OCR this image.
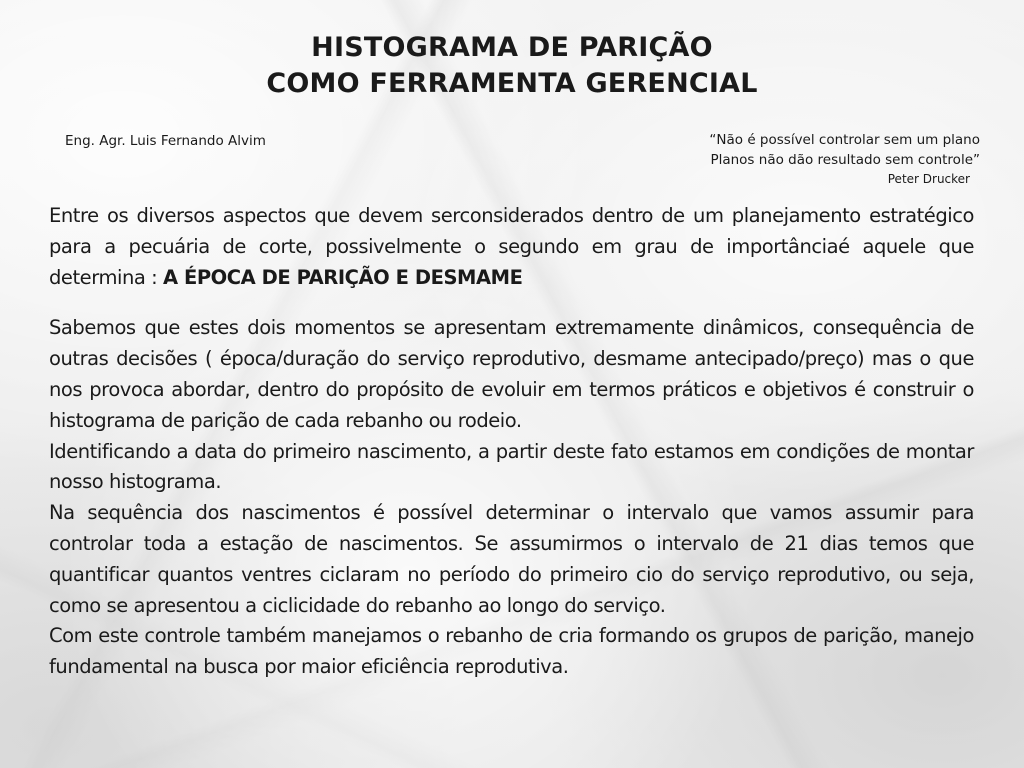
HISTOGRAMA DE PARIÇÃO
COMO FERRAMENTA GERENCIAL
Eng. Agr. Luis Fernando Alvim	“Não é possível controlar sem um plano
Planos não dão resultado sem controle”
Peter Drucker

Entre os diversos aspectos que devem serconsiderados dentro de um planejamento estratégico para a pecuária de corte, possivelmente o segundo em grau de importânciaé aquele que determina : A ÉPOCA DE PARIÇÃO E DESMAME

Sabemos que estes dois momentos se apresentam extremamente dinâmicos, consequência de outras decisões ( época/duração do serviço reprodutivo, desmame antecipado/preço) mas o que nos provoca abordar, dentro do propósito de evoluir em termos práticos e objetivos é construir o histograma de parição de cada rebanho ou rodeio.

Identificando a data do primeiro nascimento, a partir deste fato estamos em condições de montar nosso histograma.

Na sequência dos nascimentos é possível determinar o intervalo que vamos assumir para controlar toda a estação de nascimentos. Se assumirmos o intervalo de 21 dias temos que quantificar quantos ventres ciclaram no período do primeiro cio do serviço reprodutivo, ou seja, como se apresentou a ciclicidade do rebanho ao longo do serviço.

Com este controle também manejamos o rebanho de cria formando os grupos de parição, manejo fundamental na busca por maior eficiência reprodutiva.
